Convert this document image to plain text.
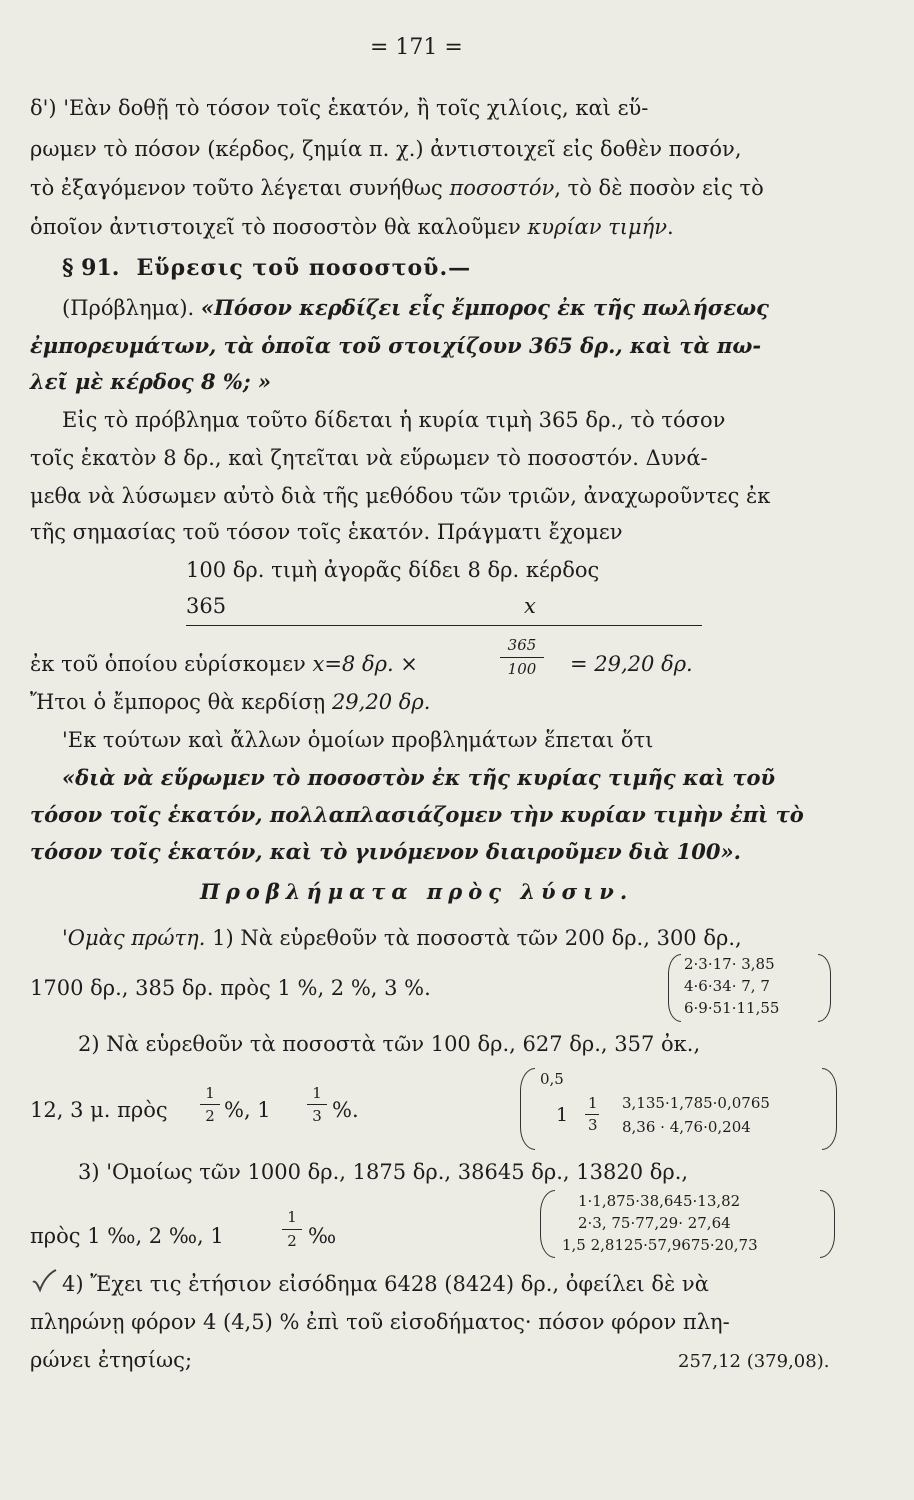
= 171 =
δ') 'Εὰν δοθῇ τὸ τόσον τοῖς ἑκατόν, ἢ τοῖς χιλίοις, καὶ εὕ-
ρωμεν τὸ πόσον (κέρδος, ζημία π. χ.) ἀντιστοιχεῖ εἰς δοθὲν ποσόν,
τὸ ἐξαγόμενον τοῦτο λέγεται συνήθως ποσοστόν, τὸ δὲ ποσὸν εἰς τὸ
ὁποῖον ἀντιστοιχεῖ τὸ ποσοστὸν θὰ καλοῦμεν κυρίαν τιμήν.
§ 91. Εὕρεσις τοῦ ποσοστοῦ.—
(Πρόβλημα). «Πόσον κερδίζει εἷς ἔμπορος ἐκ τῆς πωλήσεως
ἐμπορευμάτων, τὰ ὁποῖα τοῦ στοιχίζουν 365 δρ., καὶ τὰ πω-
λεῖ μὲ κέρδος 8 %; »
Εἰς τὸ πρόβλημα τοῦτο δίδεται ἡ κυρία τιμὴ 365 δρ., τὸ τόσον
τοῖς ἑκατὸν 8 δρ., καὶ ζητεῖται νὰ εὕρωμεν τὸ ποσοστόν. Δυνά-
μεθα νὰ λύσωμεν αὐτὸ διὰ τῆς μεθόδου τῶν τριῶν, ἀναχωροῦντες ἐκ
τῆς σημασίας τοῦ τόσον τοῖς ἑκατόν. Πράγματι ἔχομεν
100 δρ. τιμὴ ἀγορᾶς δίδει 8 δρ. κέρδος
365	x
ἐκ τοῦ ὁποίου εὑρίσκομεν x=8 δρ. ×
365
100 = 29,20 δρ.
Ἤτοι ὁ ἔμπορος θὰ κερδίσῃ 29,20 δρ.
'Εκ τούτων καὶ ἄλλων ὁμοίων προβλημάτων ἕπεται ὅτι
«διὰ νὰ εὕρωμεν τὸ ποσοστὸν ἐκ τῆς κυρίας τιμῆς καὶ τοῦ
τόσον τοῖς ἑκατόν, πολλαπλασιάζομεν τὴν κυρίαν τιμὴν ἐπὶ τὸ
τόσον τοῖς ἑκατόν, καὶ τὸ γινόμενον διαιροῦμεν διὰ 100».
Προβλήματα πρὸς λύσιν.
'Ομὰς πρώτη. 1) Νὰ εὑρεθοῦν τὰ ποσοστὰ τῶν 200 δρ., 300 δρ.,
1700 δρ., 385 δρ. πρὸς 1 %, 2 %, 3 %.
2·3·17· 3,85
4·6·34· 7, 7
6·9·51·11,55
2) Νὰ εὑρεθοῦν τὰ ποσοστὰ τῶν 100 δρ., 627 δρ., 357 ὀκ.,
12, 3 μ. πρὸς
1
2 %, 1
1
3 %.
0,5
1
1
3
3,135·1,785·0,0765
8,36 · 4,76·0,204
3) 'Ομοίως τῶν 1000 δρ., 1875 δρ., 38645 δρ., 13820 δρ.,
πρὸς 1 ‰, 2 ‰, 1
1
2 ‰
1·1,875·38,645·13,82
2·3, 75·77,29· 27,64
1,5 2,8125·57,9675·20,73
4) Ἔχει τις ἐτήσιον εἰσόδημα 6428 (8424) δρ., ὀφείλει δὲ νὰ
πληρώνῃ φόρον 4 (4,5) % ἐπὶ τοῦ εἰσοδήματος· πόσον φόρον πλη-
ρώνει ἐτησίως;	257,12 (379,08).
